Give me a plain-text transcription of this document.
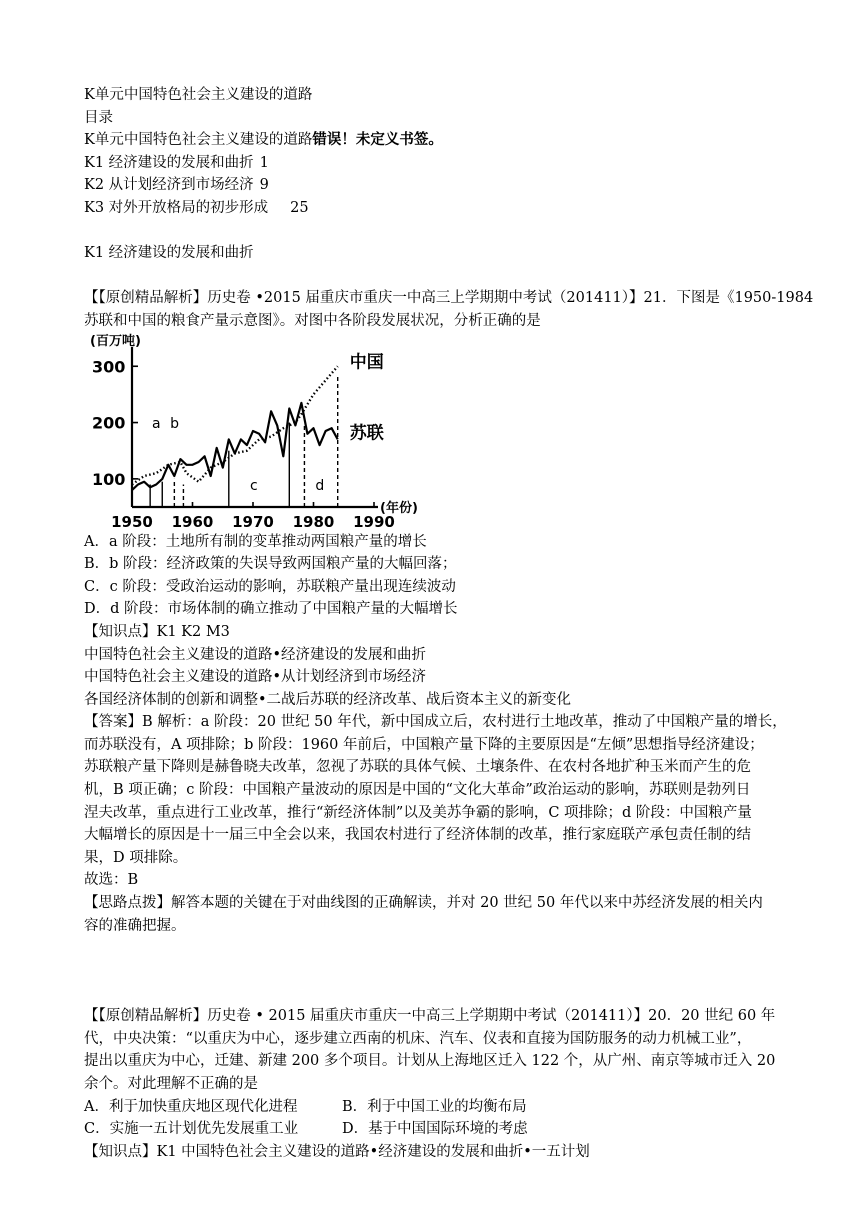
K单元中国特色社会主义建设的道路
目录
K单元中国特色社会主义建设的道路错误！未定义书签。
K1 经济建设的发展和曲折 1
K2 从计划经济到市场经济 9
K3 对外开放格局的初步形成 25
K1 经济建设的发展和曲折
【【原创精品解析】历史卷 •2015 届重庆市重庆一中高三上学期期中考试（201411）】21．下图是《1950-1984
苏联和中国的粮食产量示意图》。对图中各阶段发展状况，分析正确的是
100
200
300
1950 1960 1970 1980 1990
(百万吨)
(年份)
a b
c	d
中国
苏联
A．a 阶段：土地所有制的变革推动两国粮产量的增长
B．b 阶段：经济政策的失误导致两国粮产量的大幅回落；
C．c 阶段：受政治运动的影响，苏联粮产量出现连续波动
D．d 阶段：市场体制的确立推动了中国粮产量的大幅增长
【知识点】K1 K2 M3
中国特色社会主义建设的道路•经济建设的发展和曲折
中国特色社会主义建设的道路•从计划经济到市场经济
各国经济体制的创新和调整•二战后苏联的经济改革、战后资本主义的新变化
【答案】B 解析：a 阶段：20 世纪 50 年代，新中国成立后，农村进行土地改革，推动了中国粮产量的增长，
而苏联没有，A 项排除；b 阶段：1960 年前后，中国粮产量下降的主要原因是“左倾”思想指导经济建设；
苏联粮产量下降则是赫鲁晓夫改革，忽视了苏联的具体气候、土壤条件、在农村各地扩种玉米而产生的危
机，B 项正确；c 阶段：中国粮产量波动的原因是中国的“文化大革命”政治运动的影响，苏联则是勃列日
涅夫改革，重点进行工业改革，推行“新经济体制”以及美苏争霸的影响，C 项排除；d 阶段：中国粮产量
大幅增长的原因是十一届三中全会以来，我国农村进行了经济体制的改革，推行家庭联产承包责任制的结
果，D 项排除。
故选：B
【思路点拨】解答本题的关键在于对曲线图的正确解读，并对 20 世纪 50 年代以来中苏经济发展的相关内
容的准确把握。
【【原创精品解析】历史卷 • 2015 届重庆市重庆一中高三上学期期中考试（201411）】20．20 世纪 60 年
代，中央决策：“以重庆为中心，逐步建立西南的机床、汽车、仪表和直接为国防服务的动力机械工业”，
提出以重庆为中心，迁建、新建 200 多个项目。计划从上海地区迁入 122 个，从广州、南京等城市迁入 20
余个。对此理解不正确的是
A．利于加快重庆地区现代化进程	B．利于中国工业的均衡布局
C．实施一五计划优先发展重工业	D．基于中国国际环境的考虑
【知识点】K1 中国特色社会主义建设的道路•经济建设的发展和曲折•一五计划
